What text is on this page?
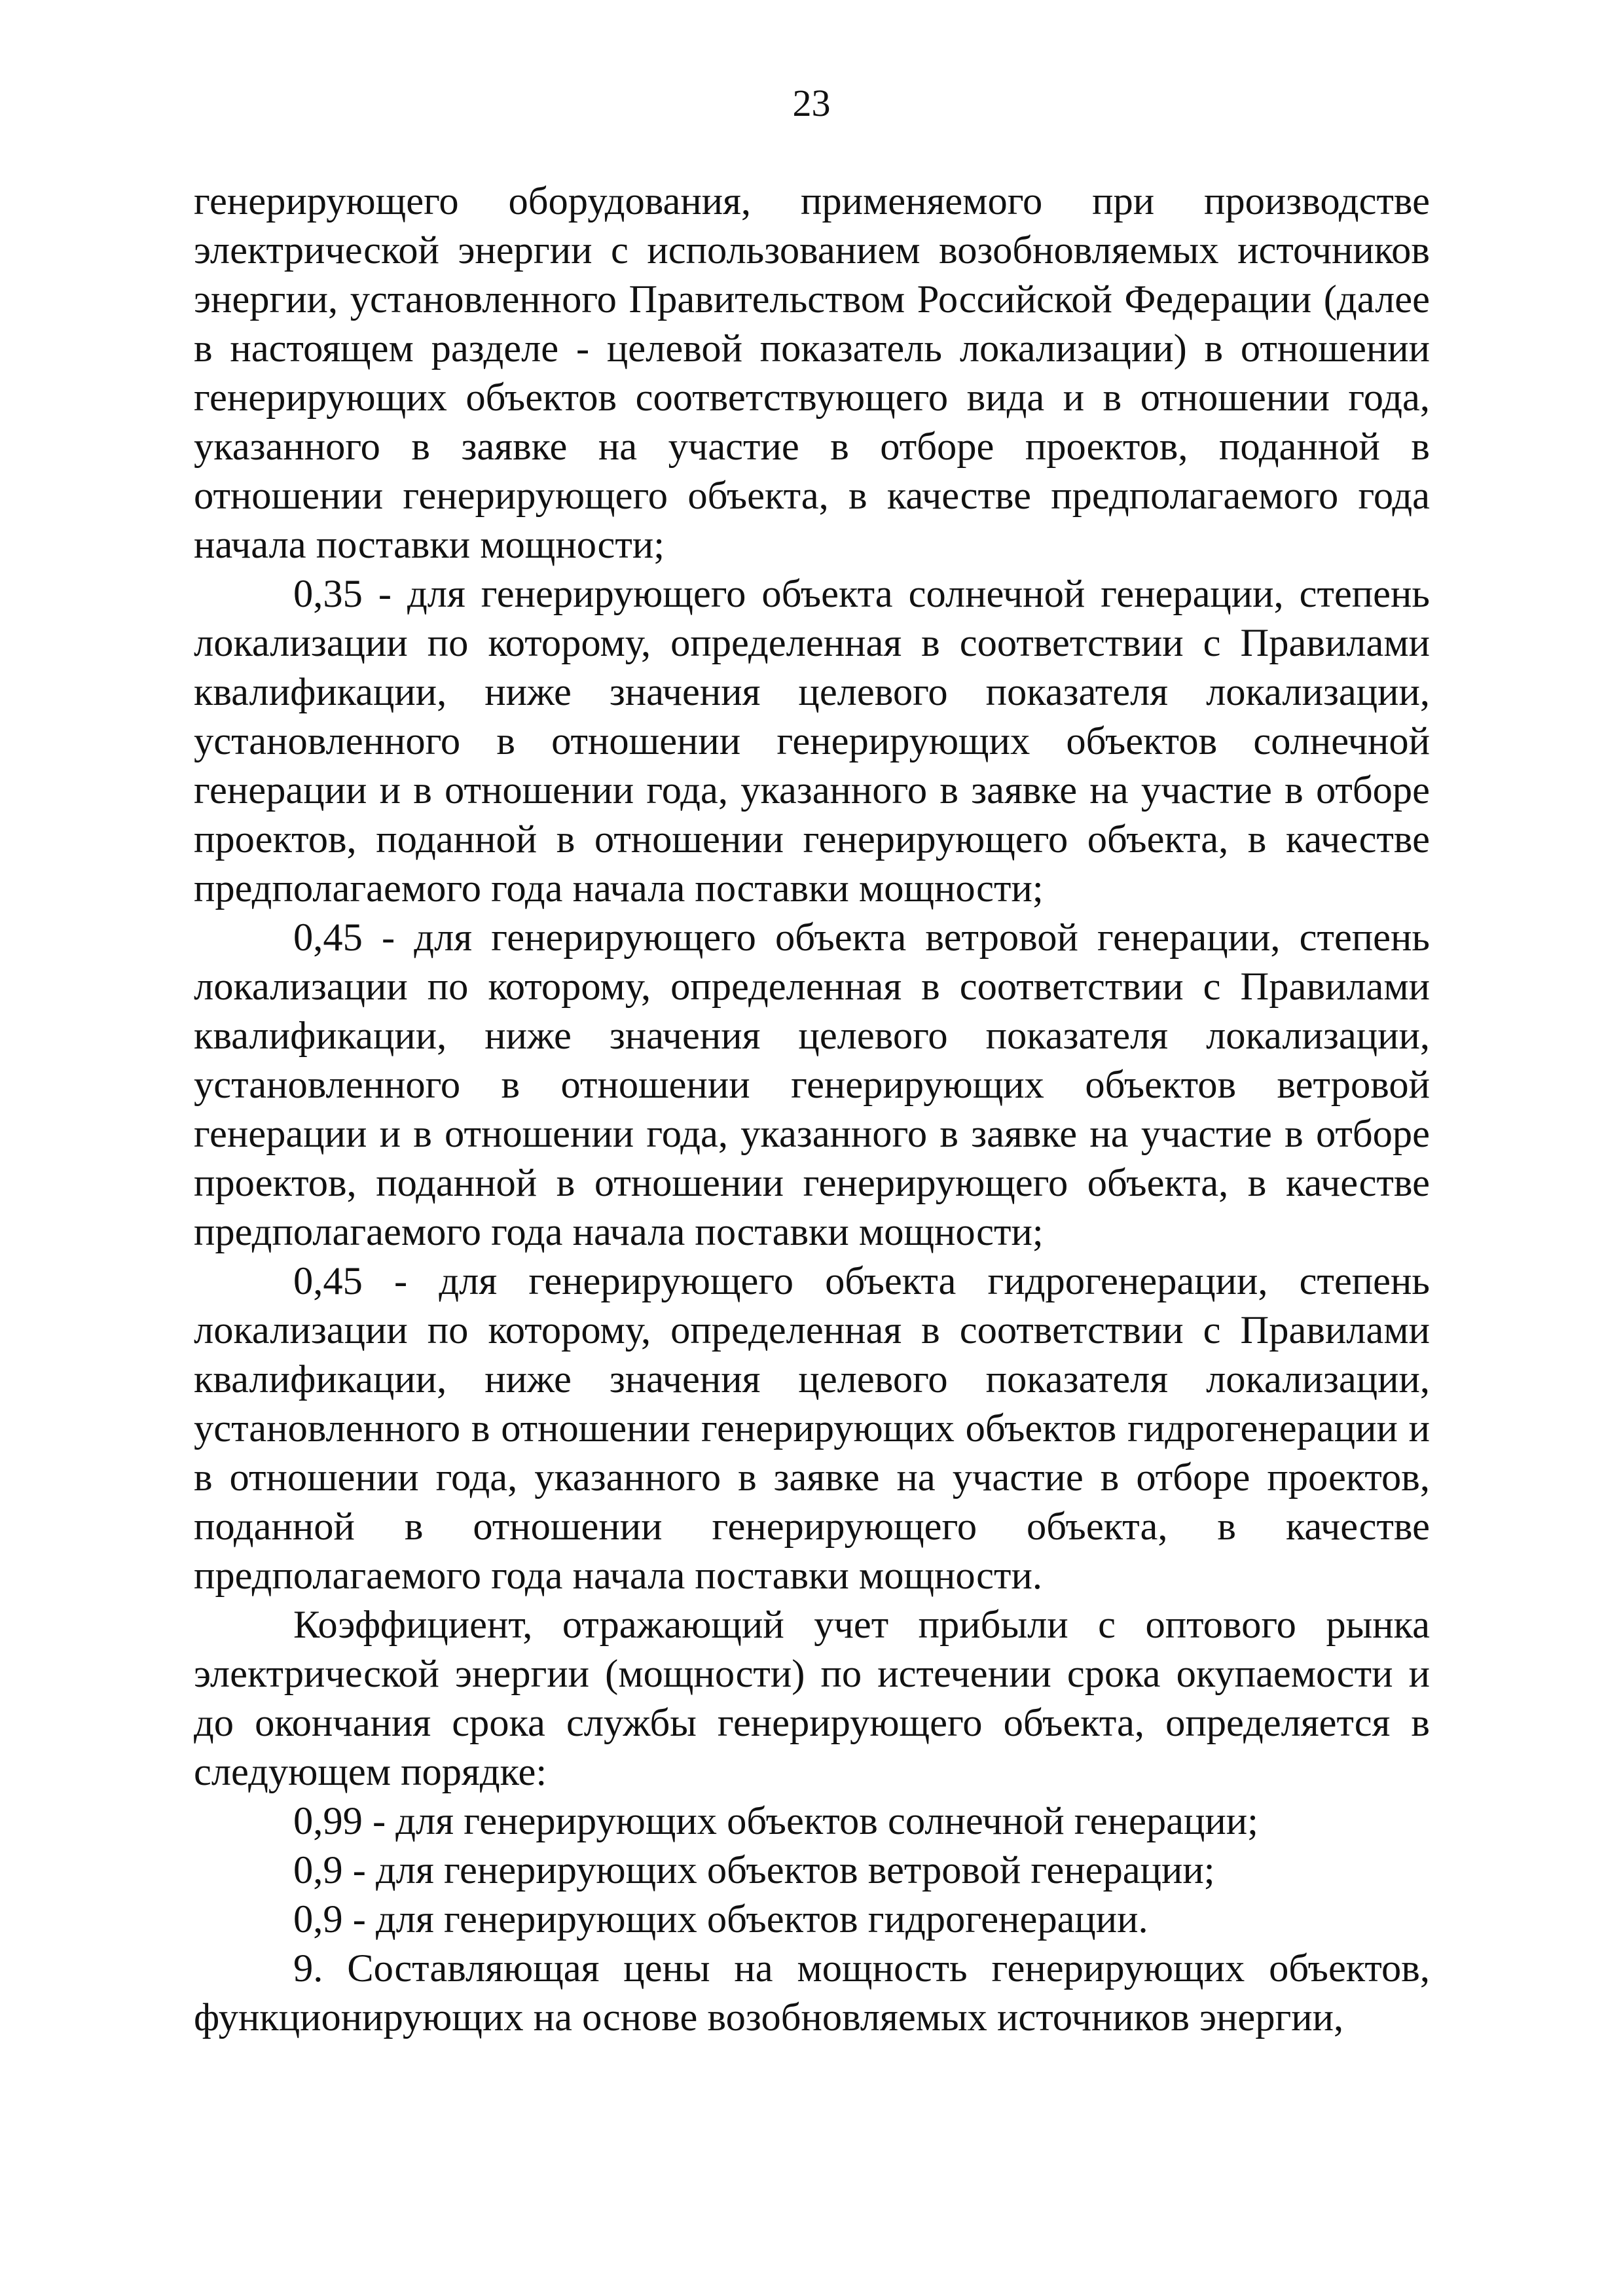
23

генерирующего оборудования, применяемого при производстве электрической энергии с использованием возобновляемых источников энергии, установленного Правительством Российской Федерации (далее в настоящем разделе - целевой показатель локализации) в отношении генерирующих объектов соответствующего вида и в отношении года, указанного в заявке на участие в отборе проектов, поданной в отношении генерирующего объекта, в качестве предполагаемого года начала поставки мощности;

0,35 - для генерирующего объекта солнечной генерации, степень локализации по которому, определенная в соответствии с Правилами квалификации, ниже значения целевого показателя локализации, установленного в отношении генерирующих объектов солнечной генерации и в отношении года, указанного в заявке на участие в отборе проектов, поданной в отношении генерирующего объекта, в качестве предполагаемого года начала поставки мощности;

0,45 - для генерирующего объекта ветровой генерации, степень локализации по которому, определенная в соответствии с Правилами квалификации, ниже значения целевого показателя локализации, установленного в отношении генерирующих объектов ветровой генерации и в отношении года, указанного в заявке на участие в отборе проектов, поданной в отношении генерирующего объекта, в качестве предполагаемого года начала поставки мощности;

0,45 - для генерирующего объекта гидрогенерации, степень локализации по которому, определенная в соответствии с Правилами квалификации, ниже значения целевого показателя локализации, установленного в отношении генерирующих объектов гидрогенерации и в отношении года, указанного в заявке на участие в отборе проектов, поданной в отношении генерирующего объекта, в качестве предполагаемого года начала поставки мощности.

Коэффициент, отражающий учет прибыли с оптового рынка электрической энергии (мощности) по истечении срока окупаемости и до окончания срока службы генерирующего объекта, определяется в следующем порядке:

0,99 - для генерирующих объектов солнечной генерации;

0,9 - для генерирующих объектов ветровой генерации;

0,9 - для генерирующих объектов гидрогенерации.

9. Составляющая цены на мощность генерирующих объектов, функционирующих на основе возобновляемых источников энергии,
